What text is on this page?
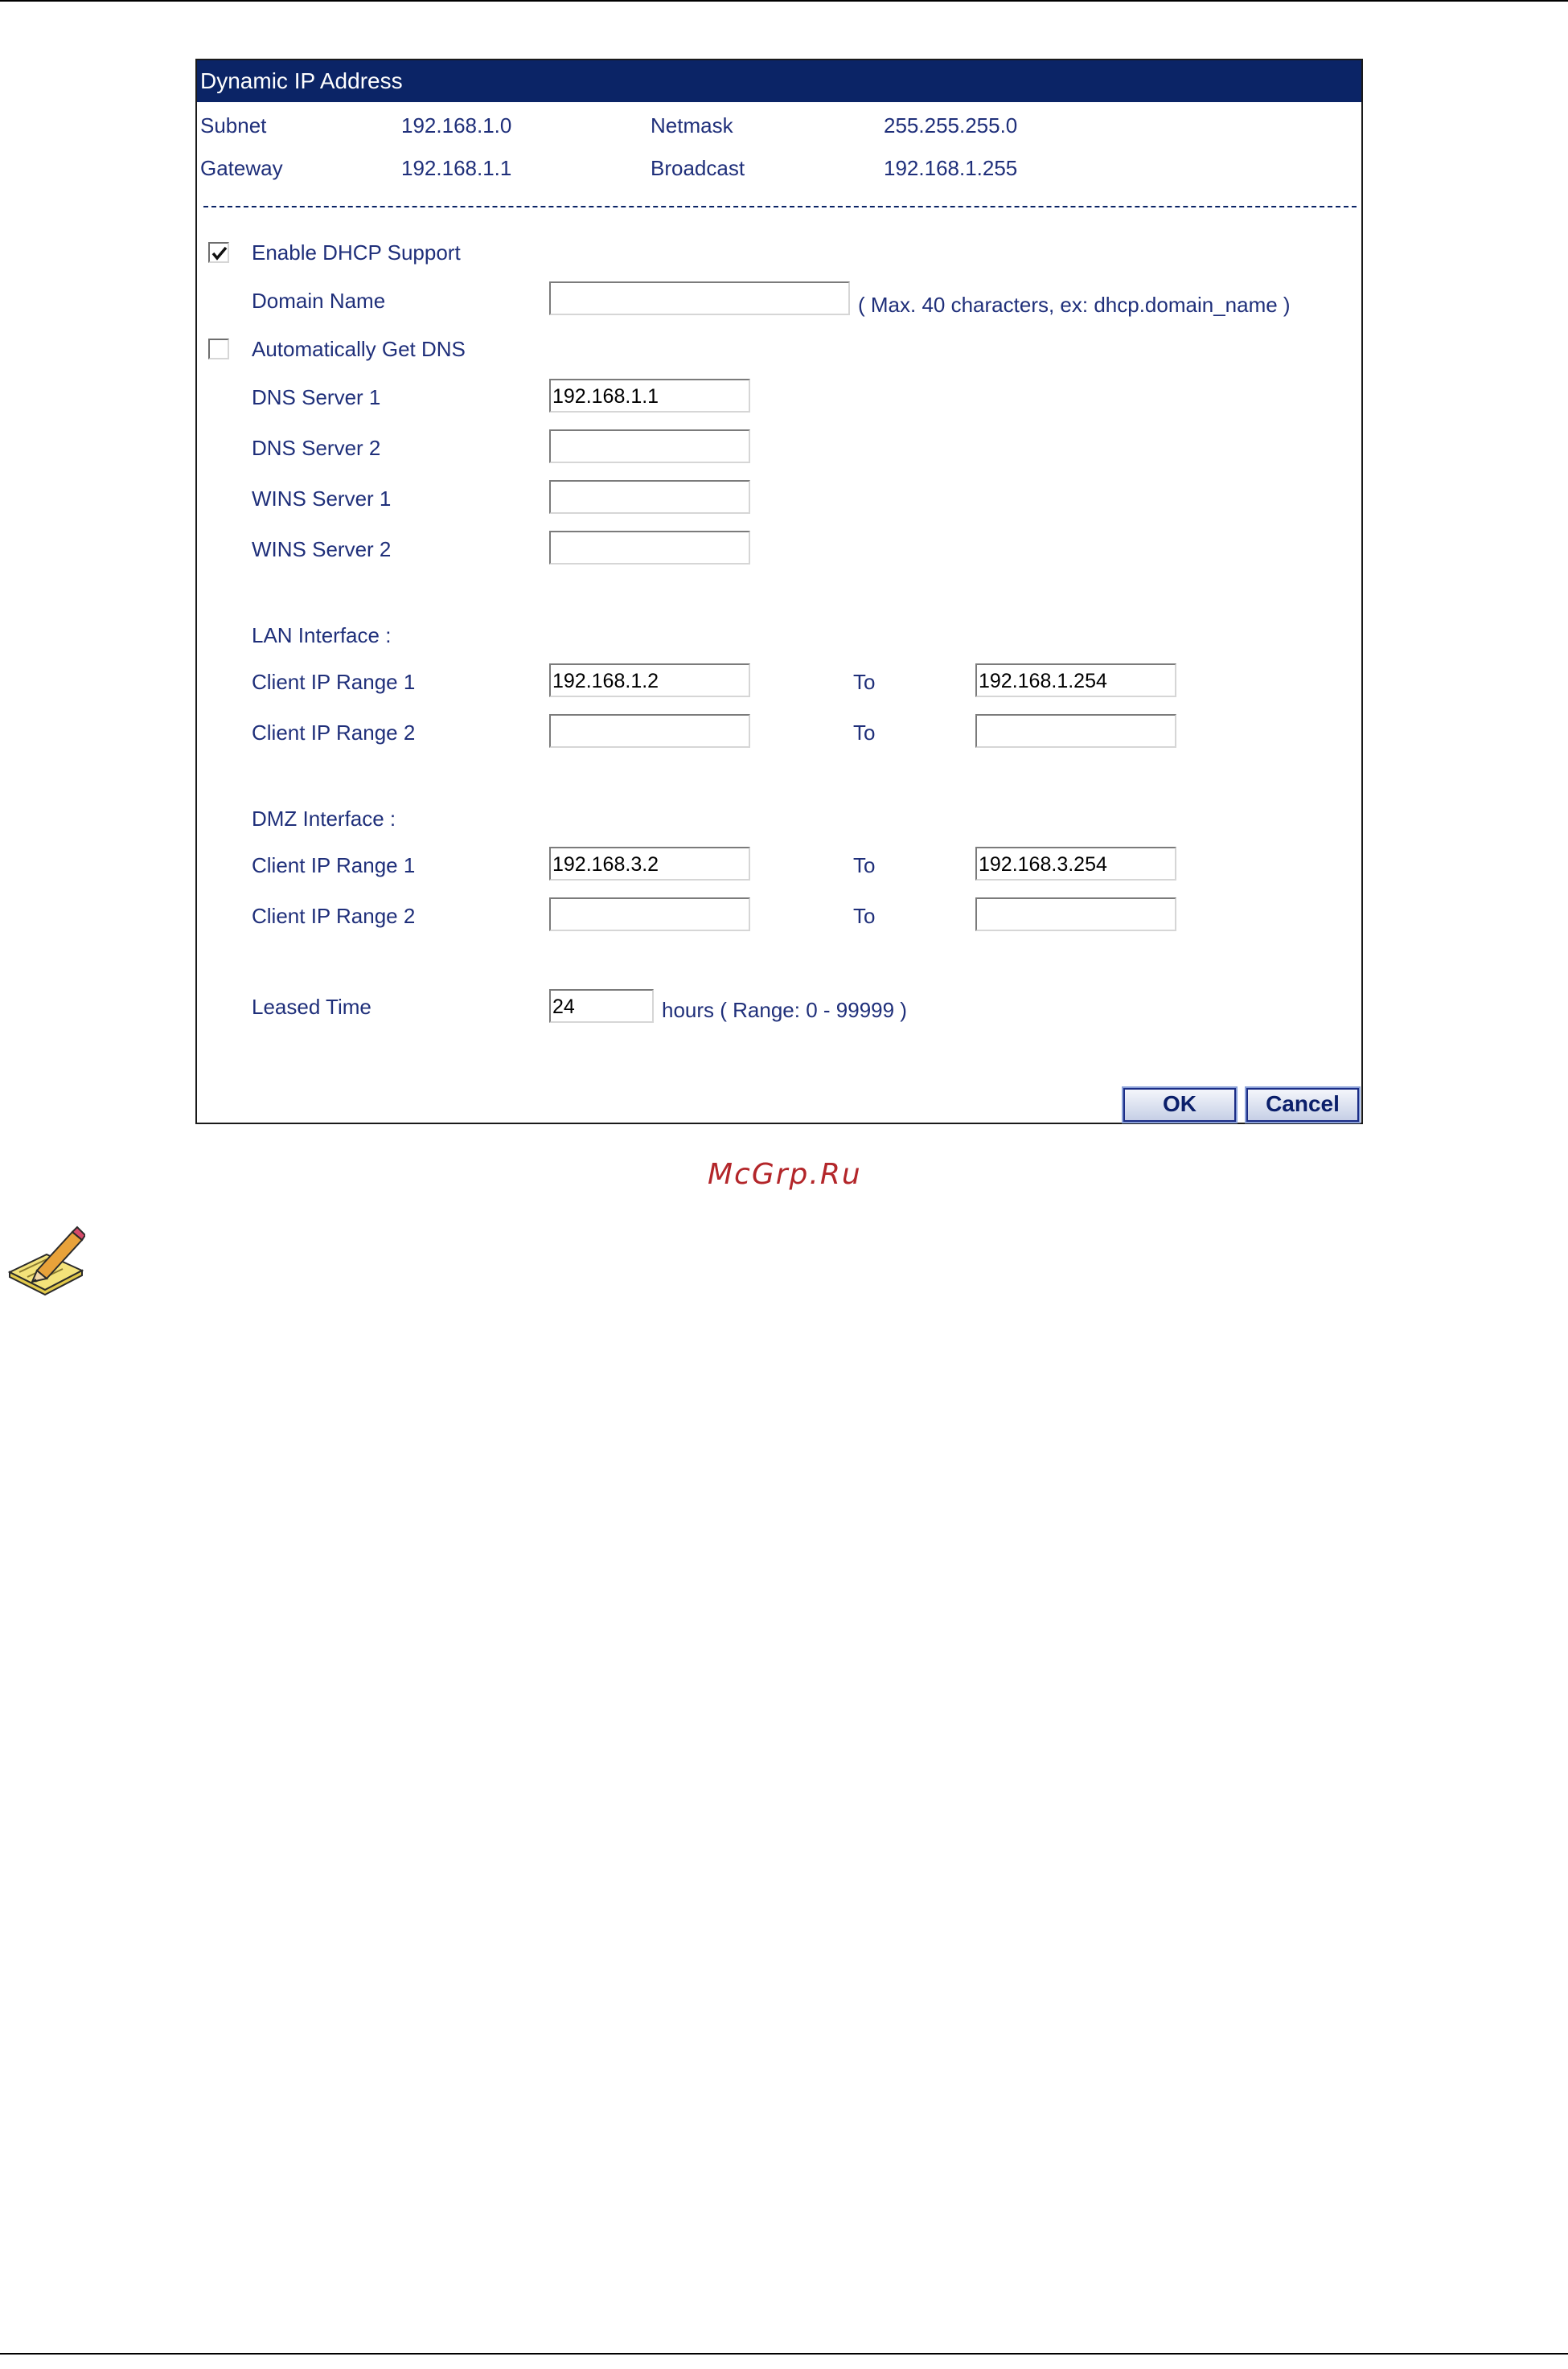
Dynamic IP Address
Subnet	192.168.1.0	Netmask	255.255.255.0
Gateway	192.168.1.1	Broadcast	192.168.1.255
Enable DHCP Support
Domain Name	( Max. 40 characters, ex: dhcp.domain_name )
Automatically Get DNS
DNS Server 1	192.168.1.1
DNS Server 2
WINS Server 1
WINS Server 2
LAN Interface :
Client IP Range 1	192.168.1.2	To	192.168.1.254
Client IP Range 2	To
DMZ Interface :
Client IP Range 1	192.168.3.2	To	192.168.3.254
Client IP Range 2	To
Leased Time	24	hours ( Range: 0 - 99999 )
OK	Cancel
McGrp.Ru
